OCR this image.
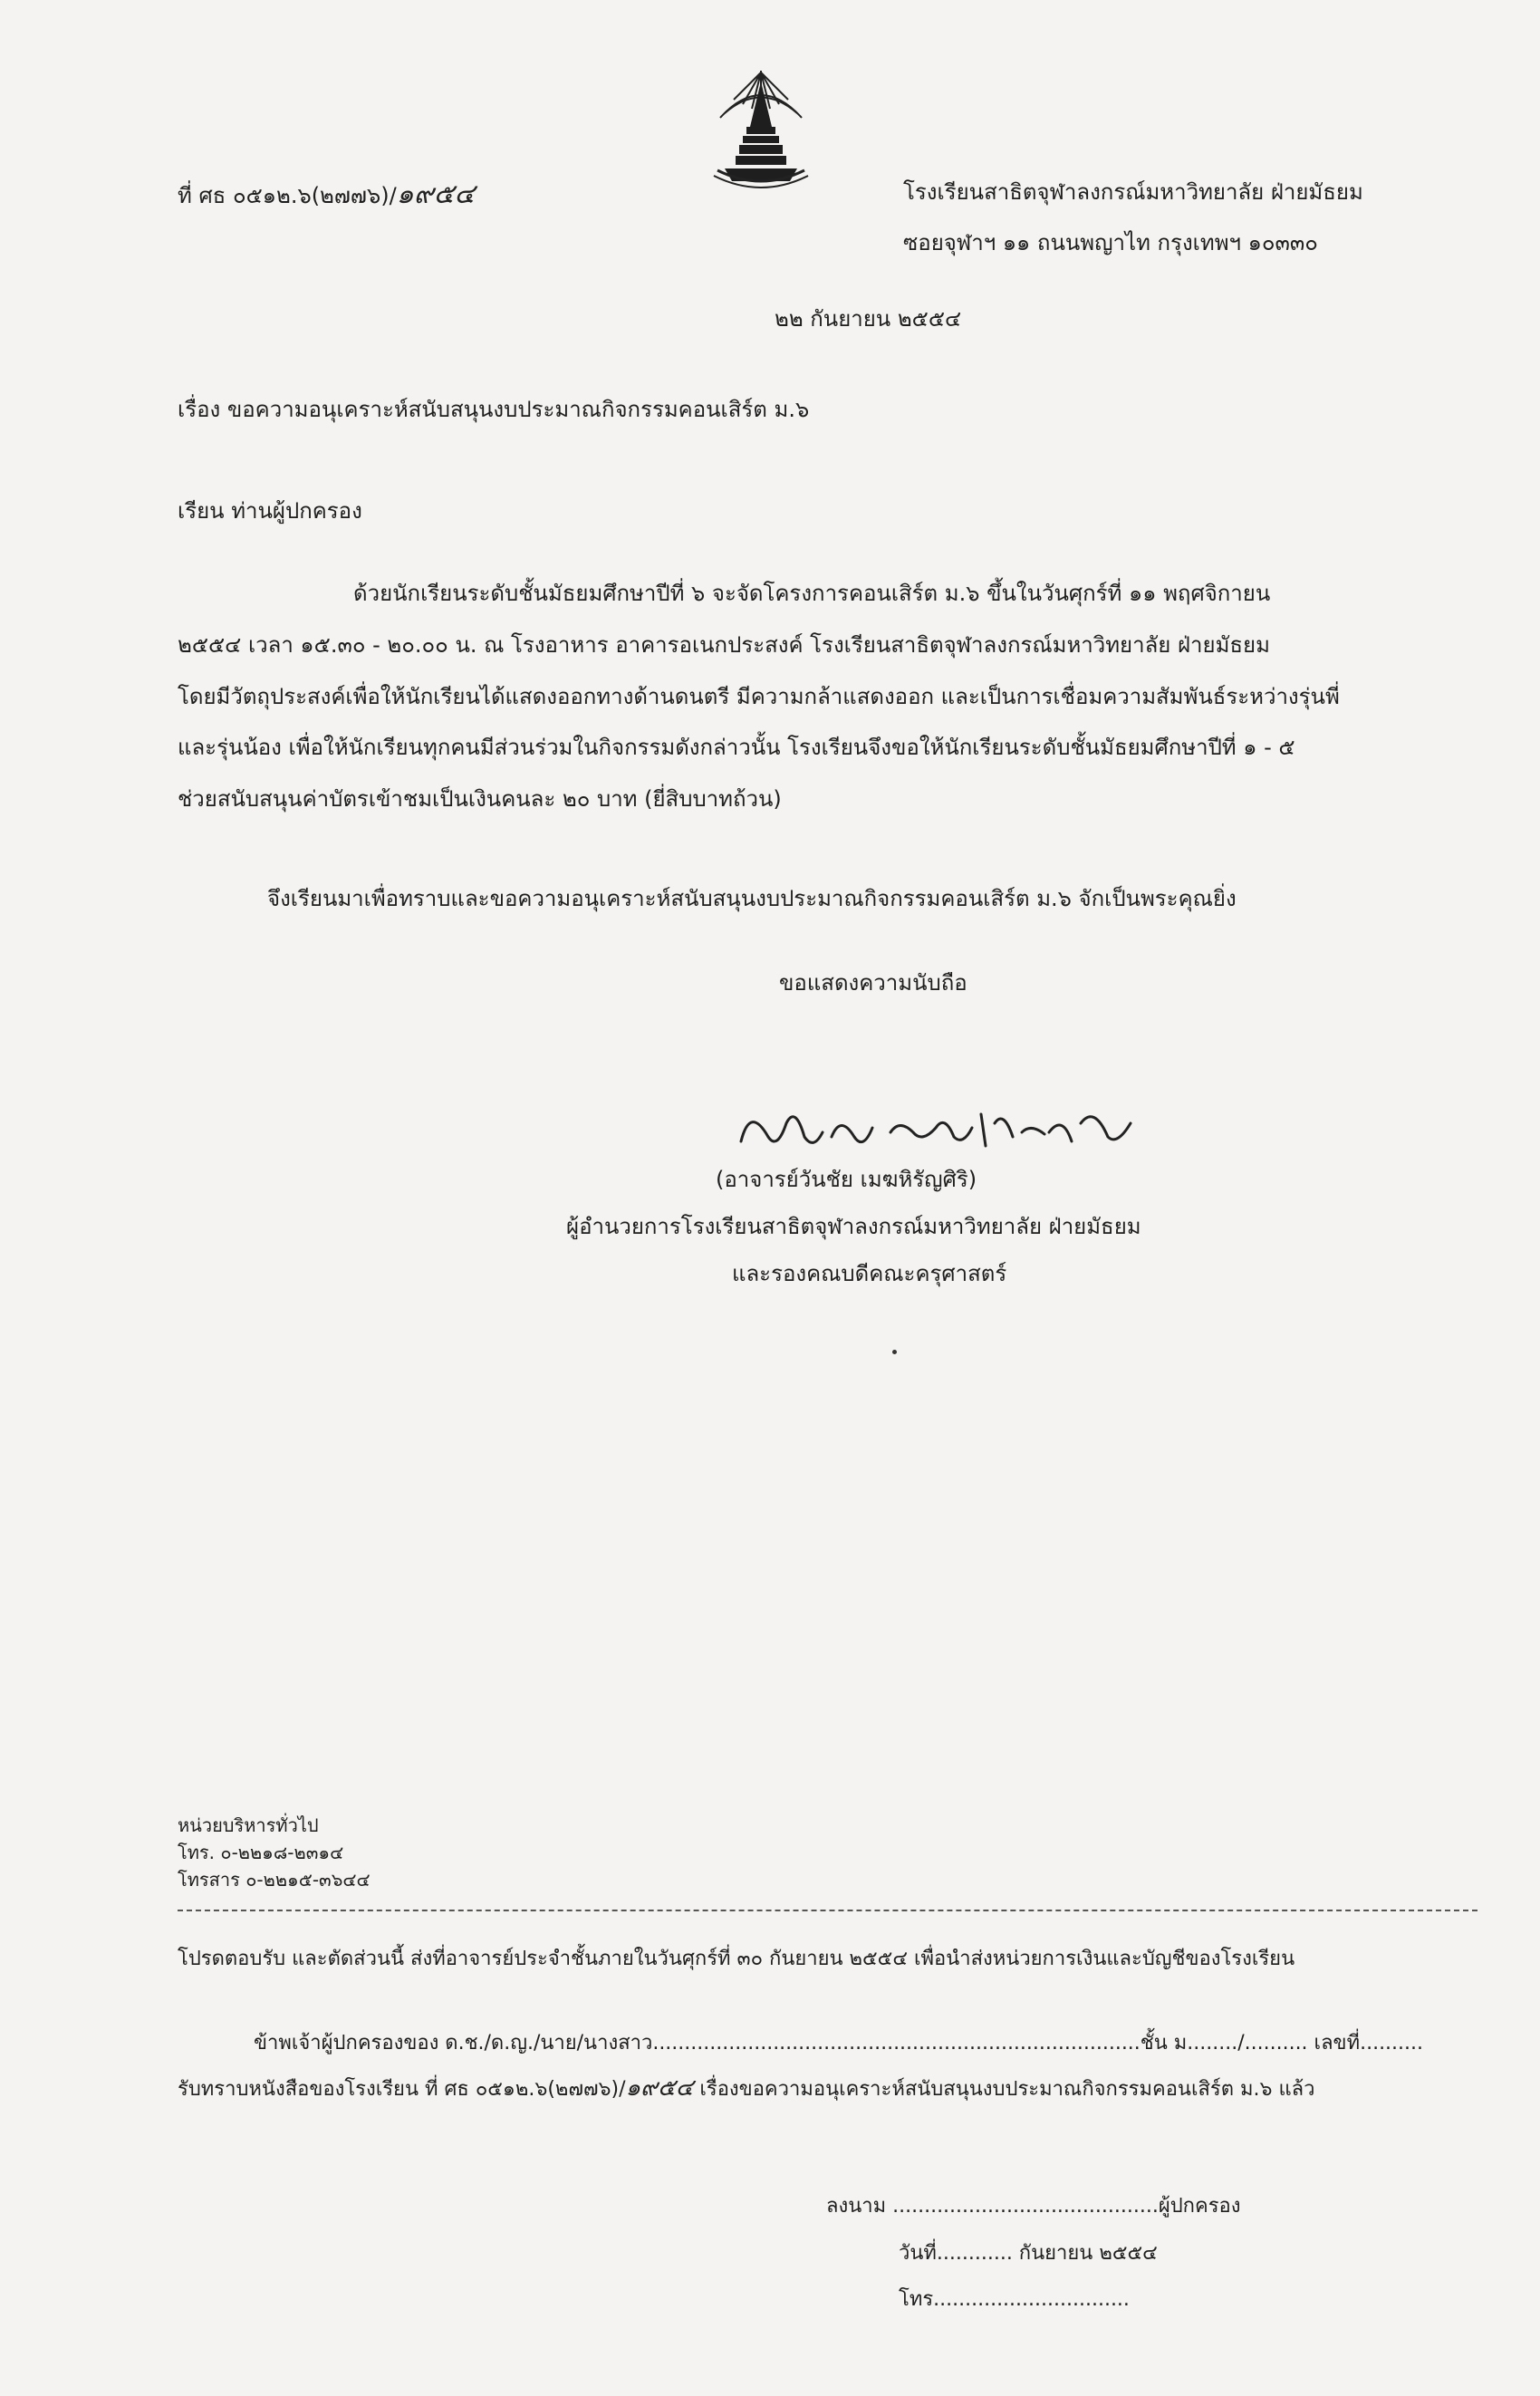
ที่ ศธ ๐๕๑๒.๖(๒๗๗๖)/๑๙๕๔	โรงเรียนสาธิตจุฬาลงกรณ์มหาวิทยาลัย ฝ่ายมัธยม
ซอยจุฬาฯ ๑๑ ถนนพญาไท กรุงเทพฯ ๑๐๓๓๐
๒๒ กันยายน ๒๕๕๔
เรื่อง ขอความอนุเคราะห์สนับสนุนงบประมาณกิจกรรมคอนเสิร์ต ม.๖
เรียน ท่านผู้ปกครอง
ด้วยนักเรียนระดับชั้นมัธยมศึกษาปีที่ ๖ จะจัดโครงการคอนเสิร์ต ม.๖ ขึ้นในวันศุกร์ที่ ๑๑ พฤศจิกายน
๒๕๕๔ เวลา ๑๕.๓๐ - ๒๐.๐๐ น. ณ โรงอาหาร อาคารอเนกประสงค์ โรงเรียนสาธิตจุฬาลงกรณ์มหาวิทยาลัย ฝ่ายมัธยม
โดยมีวัตถุประสงค์เพื่อให้นักเรียนได้แสดงออกทางด้านดนตรี มีความกล้าแสดงออก และเป็นการเชื่อมความสัมพันธ์ระหว่างรุ่นพี่
และรุ่นน้อง เพื่อให้นักเรียนทุกคนมีส่วนร่วมในกิจกรรมดังกล่าวนั้น โรงเรียนจึงขอให้นักเรียนระดับชั้นมัธยมศึกษาปีที่ ๑ - ๕
ช่วยสนับสนุนค่าบัตรเข้าชมเป็นเงินคนละ ๒๐ บาท (ยี่สิบบาทถ้วน)
จึงเรียนมาเพื่อทราบและขอความอนุเคราะห์สนับสนุนงบประมาณกิจกรรมคอนเสิร์ต ม.๖ จักเป็นพระคุณยิ่ง
ขอแสดงความนับถือ
(อาจารย์วันชัย เมฆหิรัญศิริ)
ผู้อำนวยการโรงเรียนสาธิตจุฬาลงกรณ์มหาวิทยาลัย ฝ่ายมัธยม
และรองคณบดีคณะครุศาสตร์
หน่วยบริหารทั่วไป
โทร. ๐-๒๒๑๘-๒๓๑๔
โทรสาร ๐-๒๒๑๕-๓๖๔๔
โปรดตอบรับ และตัดส่วนนี้ ส่งที่อาจารย์ประจำชั้นภายในวันศุกร์ที่ ๓๐ กันยายน ๒๕๕๔ เพื่อนำส่งหน่วยการเงินและบัญชีของโรงเรียน
ข้าพเจ้าผู้ปกครองของ ด.ช./ด.ญ./นาย/นางสาว.............................................................................ชั้น ม......../.......... เลขที่..........
รับทราบหนังสือของโรงเรียน ที่ ศธ ๐๕๑๒.๖(๒๗๗๖)/๑๙๕๔ เรื่องขอความอนุเคราะห์สนับสนุนงบประมาณกิจกรรมคอนเสิร์ต ม.๖ แล้ว
ลงนาม ..........................................ผู้ปกครอง
วันที่............ กันยายน ๒๕๕๔
โทร...............................
